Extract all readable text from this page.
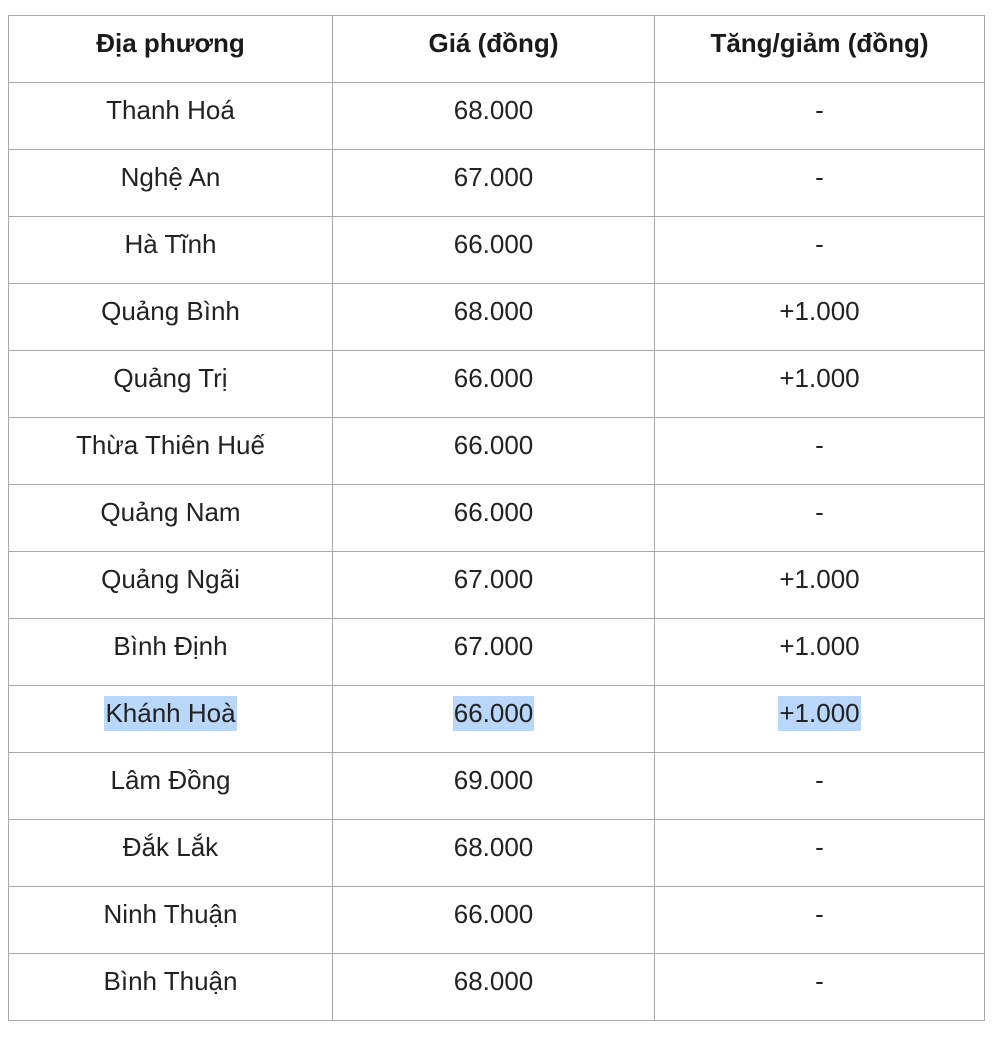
Địa phương	Giá (đồng)	Tăng/giảm (đồng)
Thanh Hoá	68.000	-
Nghệ An	67.000	-
Hà Tĩnh	66.000	-
Quảng Bình	68.000	+1.000
Quảng Trị	66.000	+1.000
Thừa Thiên Huế	66.000	-
Quảng Nam	66.000	-
Quảng Ngãi	67.000	+1.000
Bình Định	67.000	+1.000
Khánh Hoà	66.000	+1.000
Lâm Đồng	69.000	-
Đắk Lắk	68.000	-
Ninh Thuận	66.000	-
Bình Thuận	68.000	-
